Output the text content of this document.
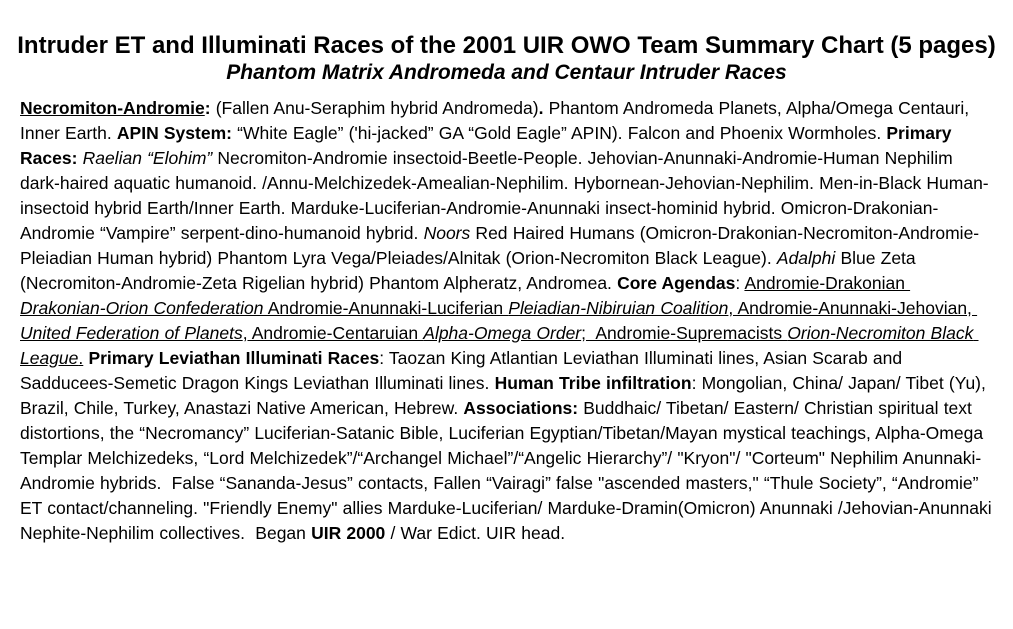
Intruder ET and Illuminati Races of the 2001 UIR OWO Team Summary Chart (5 pages)
Phantom Matrix Andromeda and Centaur Intruder Races
Necromiton-Andromie: (Fallen Anu-Seraphim hybrid Andromeda). Phantom Andromeda Planets, Alpha/Omega Centauri, Inner Earth. APIN System: “White Eagle” ('hi-jacked” GA “Gold Eagle” APIN). Falcon and Phoenix Wormholes. Primary Races: Raelian “Elohim” Necromiton-Andromie insectoid-Beetle-People. Jehovian-Anunnaki-Andromie-Human Nephilim dark-haired aquatic humanoid. /Annu-Melchizedek-Amealian-Nephilim. Hybornean-Jehovian-Nephilim. Men-in-Black Human-insectoid hybrid Earth/Inner Earth. Marduke-Luciferian-Andromie-Anunnaki insect-hominid hybrid. Omicron-Drakonian-Andromie “Vampire” serpent-dino-humanoid hybrid. Noors Red Haired Humans (Omicron-Drakonian-Necromiton-Andromie-Pleiadian Human hybrid) Phantom Lyra Vega/Pleiades/Alnitak (Orion-Necromiton Black League). Adalphi Blue Zeta (Necromiton-Andromie-Zeta Rigelian hybrid) Phantom Alpheratz, Andromea. Core Agendas: Andromie-Drakonian Drakonian-Orion Confederation Andromie-Anunnaki-Luciferian Pleiadian-Nibiruian Coalition, Andromie-Anunnaki-Jehovian, United Federation of Planets, Andromie-Centaruian Alpha-Omega Order;  Andromie-Supremacists Orion-Necromiton Black League. Primary Leviathan Illuminati Races: Taozan King Atlantian Leviathan Illuminati lines, Asian Scarab and Sadducees-Semetic Dragon Kings Leviathan Illuminati lines. Human Tribe infiltration: Mongolian, China/ Japan/ Tibet (Yu), Brazil, Chile, Turkey, Anastazi Native American, Hebrew. Associations: Buddhaic/ Tibetan/ Eastern/ Christian spiritual text distortions, the “Necromancy” Luciferian-Satanic Bible, Luciferian Egyptian/Tibetan/Mayan mystical teachings, Alpha-Omega Templar Melchizedeks, “Lord Melchizedek”/“Archangel Michael”/“Angelic Hierarchy”/ "Kryon"/ "Corteum" Nephilim Anunnaki-Andromie hybrids.  False “Sananda-Jesus” contacts, Fallen “Vairagi” false "ascended masters," “Thule Society”, “Andromie” ET contact/channeling. "Friendly Enemy" allies Marduke-Luciferian/ Marduke-Dramin(Omicron) Anunnaki /Jehovian-Anunnaki Nephite-Nephilim collectives.  Began UIR 2000 / War Edict. UIR head.
